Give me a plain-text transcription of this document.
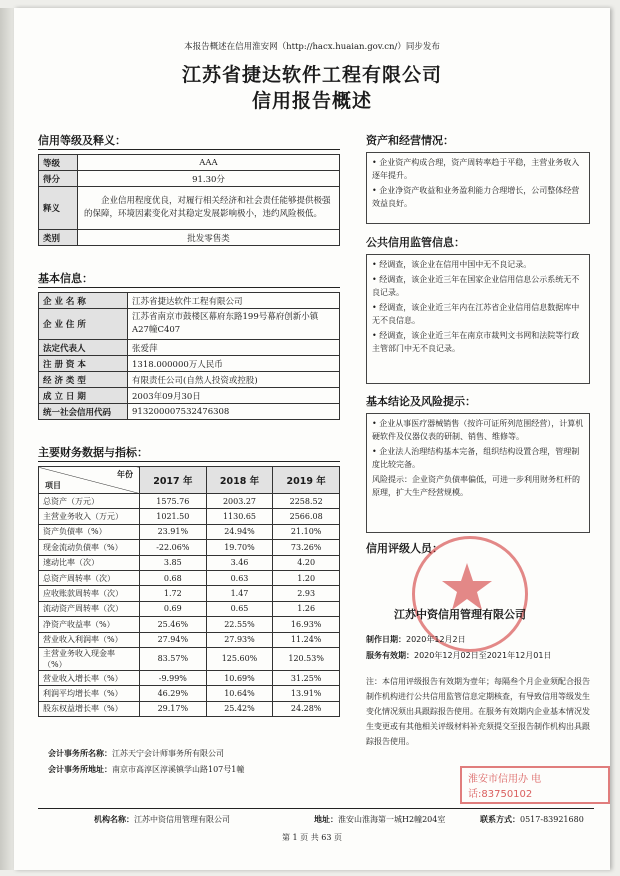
本报告概述在信用淮安网（http://hacx.huaian.gov.cn/）同步发布
江苏省捷达软件工程有限公司
信用报告概述
信用等级及释义：
等级	AAA
得分	91.30分
释义	企业信用程度优良，对履行相关经济和社会责任能够提供极强的保障，环境因素变化对其稳定发展影响极小，违约风险极低。
类别	批发零售类
基本信息：
企 业 名 称	江苏省捷达软件工程有限公司
企 业 住 所	江苏省南京市鼓楼区幕府东路199号幕府创新小镇A27幢C407
法定代表人	张爱萍
注 册 资 本	1318.000000万人民币
经 济 类 型	有限责任公司(自然人投资或控股)
成 立 日 期	2003年09月30日
统一社会信用代码	913200007532476308
主要财务数据与指标：
年份
项目	2017 年	2018 年	2019 年
总资产（万元）	1575.76	2003.27	2258.52
主营业务收入（万元）	1021.50	1130.65	2566.08
资产负债率（%）	23.91%	24.94%	21.10%
现金流动负债率（%）	-22.06%	19.70%	73.26%
速动比率（次）	3.85	3.46	4.20
总资产周转率（次）	0.68	0.63	1.20
应收账款周转率（次）	1.72	1.47	2.93
流动资产周转率（次）	0.69	0.65	1.26
净资产收益率（%）	25.46%	22.55%	16.93%
营业收入利润率（%）	27.94%	27.93%	11.24%
主营业务收入现金率（%）	83.57%	125.60%	120.53%
营业收入增长率（%）	-9.99%	10.69%	31.25%
利润平均增长率（%）	46.29%	10.64%	13.91%
股东权益增长率（%）	29.17%	25.42%	24.28%
会计事务所名称：江苏天宁会计师事务所有限公司
会计事务所地址：南京市高淳区淳溪镇学山路107号1幢
资产和经营情况：

• 企业资产构成合理，资产周转率趋于平稳，主营业务收入逐年提升。

• 企业净资产收益和业务盈利能力合理增长，公司整体经营效益良好。

公共信用监管信息：

• 经调查，该企业在信用中国中无不良记录。

• 经调查，该企业近三年在国家企业信用信息公示系统无不良记录。

• 经调查，该企业近三年内在江苏省企业信用信息数据库中无不良信息。

• 经调查，该企业近三年在南京市裁判文书网和法院等行政主管部门中无不良记录。

基本结论及风险提示：

• 企业从事医疗器械销售（按许可证所列范围经营），计算机硬软件及仪器仪表的研制、销售、维修等。

• 企业法人治理结构基本完备，组织结构设置合理，管理制度比较完备。

风险提示：企业资产负债率偏低，可进一步利用财务杠杆的原理，扩大生产经营规模。

信用评级人员：
江苏中资信用管理有限公司
制作日期：2020年12月2日
服务有效期：2020年12月02日至2021年12月01日
注：本信用评级报告有效期为壹年；每隔叁个月企业须配合报告制作机构进行公共信用监管信息定期核查，有导致信用等级发生变化情况须出具跟踪报告使用。在服务有效期内企业基本情况发生变更或有其他相关评级材料补充须提交至报告制作机构出具跟踪报告使用。
淮安市信用办 电话:83750102
机构名称：江苏中资信用管理有限公司	地址：淮安山淮海第一城H2幢204室	联系方式：0517-83921680
第 1 页 共 63 页
